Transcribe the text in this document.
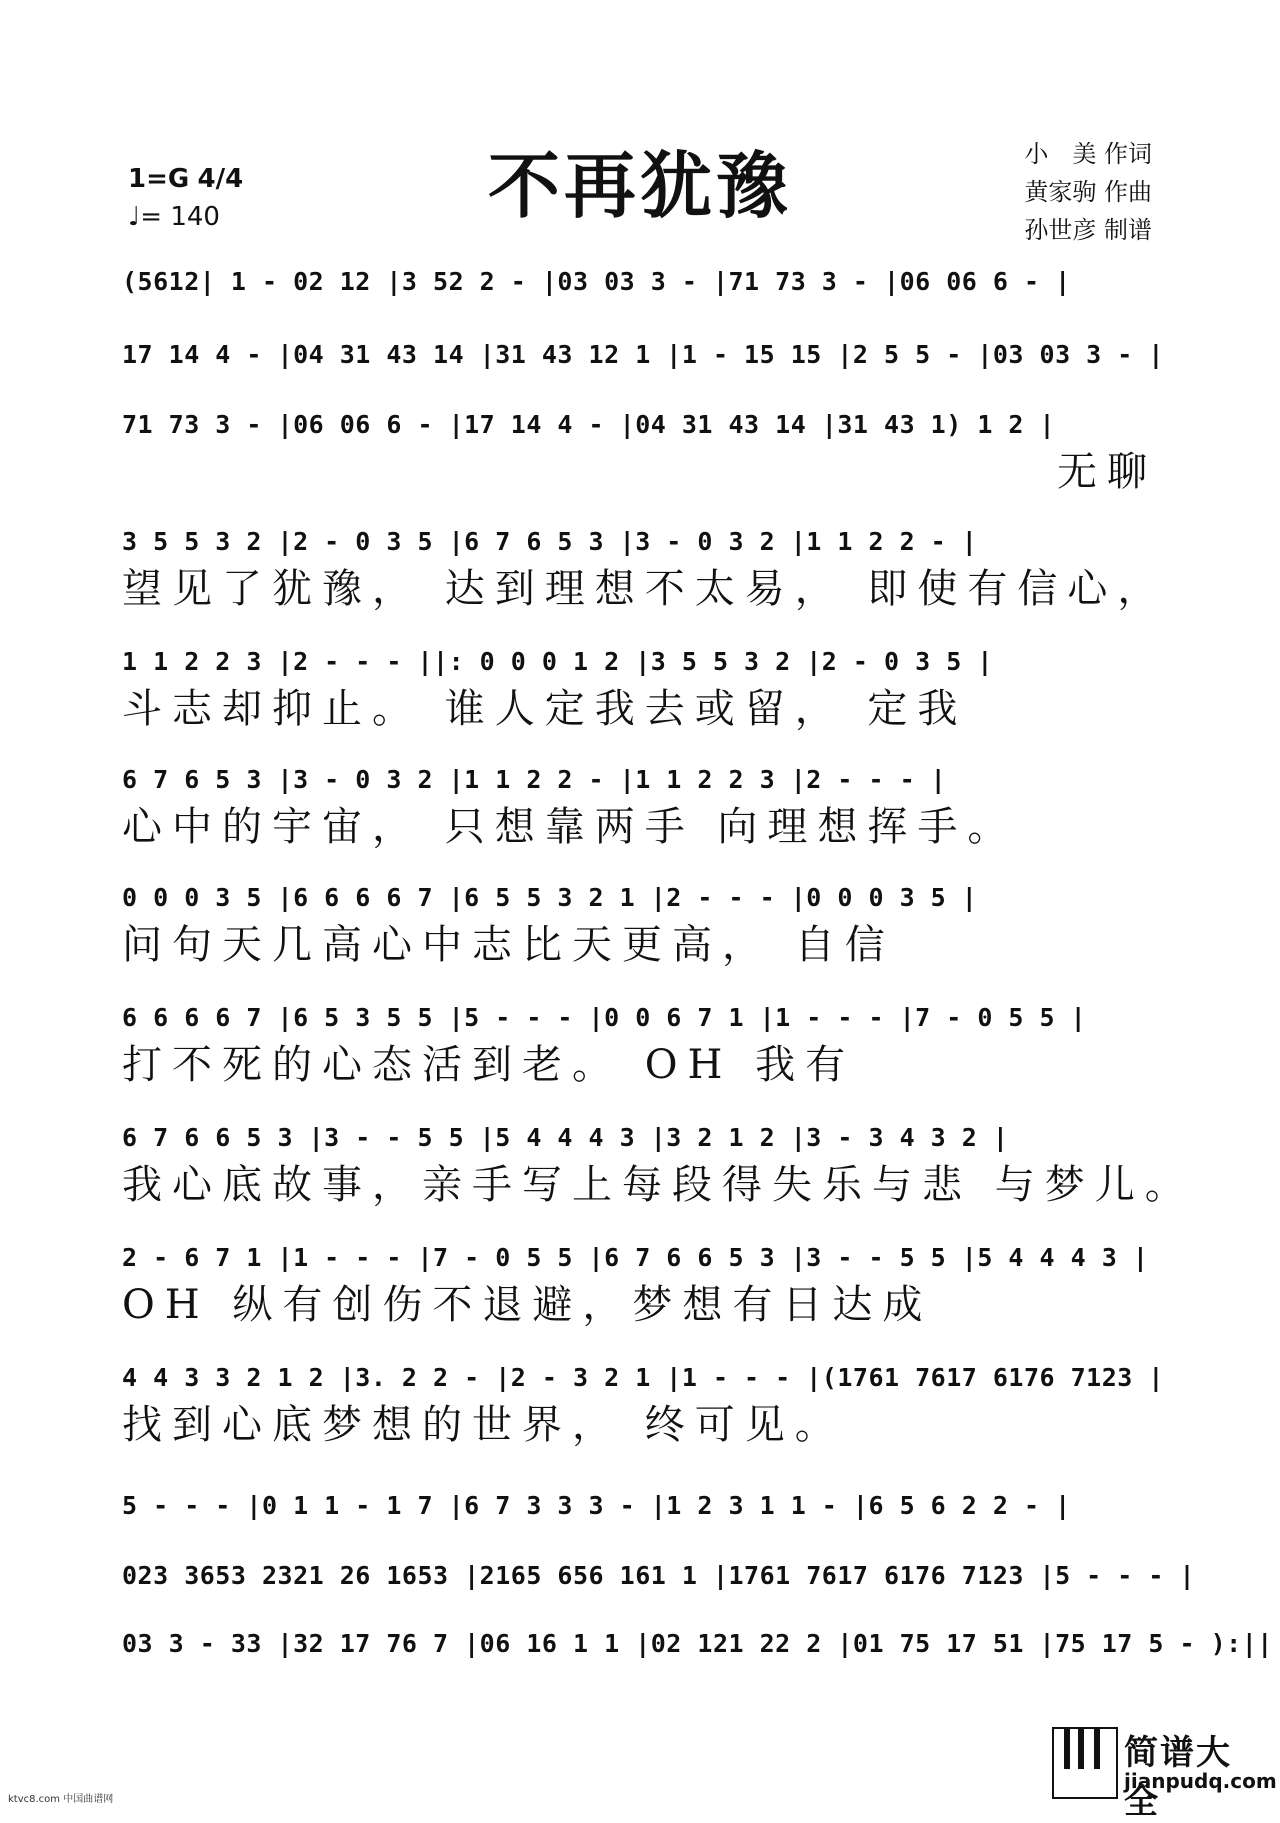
不再犹豫
1=G 4/4
♩= 140
小　美 作词
黄家驹 作曲
孙世彦 制谱
(5612| 1 - 02 12 |3 52 2 - |03 03 3 - |71 73 3 - |06 06 6 - |
17 14 4 - |04 31 43 14 |31 43 12 1 |1 - 15 15 |2 5 5 - |03 03 3 - |
71 73 3 - |06 06 6 - |17 14 4 - |04 31 43 14 |31 43 1) 1 2 |
无聊
3 5 5 3 2 |2 - 0 3 5 |6 7 6 5 3 |3 - 0 3 2 |1 1 2 2 - |
望见了犹豫， 达到理想不太易， 即使有信心，
1 1 2 2 3 |2 - - - ||: 0 0 0 1 2 |3 5 5 3 2 |2 - 0 3 5 |
斗志却抑止。 谁人定我去或留， 定我
6 7 6 5 3 |3 - 0 3 2 |1 1 2 2 - |1 1 2 2 3 |2 - - - |
心中的宇宙， 只想靠两手 向理想挥手。
0 0 0 3 5 |6 6 6 6 7 |6 5 5 3 2 1 |2 - - - |0 0 0 3 5 |
问句天几高心中志比天更高， 自信
6 6 6 6 7 |6 5 3 5 5 |5 - - - |0 0 6 7 1 |1 - - - |7 - 0 5 5 |
打不死的心态活到老。 OH 我有
6 7 6 6 5 3 |3 - - 5 5 |5 4 4 4 3 |3 2 1 2 |3 - 3 4 3 2 |
我心底故事，亲手写上每段得失乐与悲 与梦儿。
2 - 6 7 1 |1 - - - |7 - 0 5 5 |6 7 6 6 5 3 |3 - - 5 5 |5 4 4 4 3 |
OH 纵有创伤不退避，梦想有日达成
4 4 3 3 2 1 2 |3. 2 2 - |2 - 3 2 1 |1 - - - |(1761 7617 6176 7123 |
找到心底梦想的世界， 终可见。
5 - - - |0 1 1 - 1 7 |6 7 3 3 3 - |1 2 3 1 1 - |6 5 6 2 2 - |
023 3653 2321 26 1653 |2165 656 161 1 |1761 7617 6176 7123 |5 - - - |
03 3 - 33 |32 17 76 7 |06 16 1 1 |02 121 22 2 |01 75 17 51 |75 17 5 - ):||
ktvc8.com 中国曲谱网
简谱大全
jianpudq.com
